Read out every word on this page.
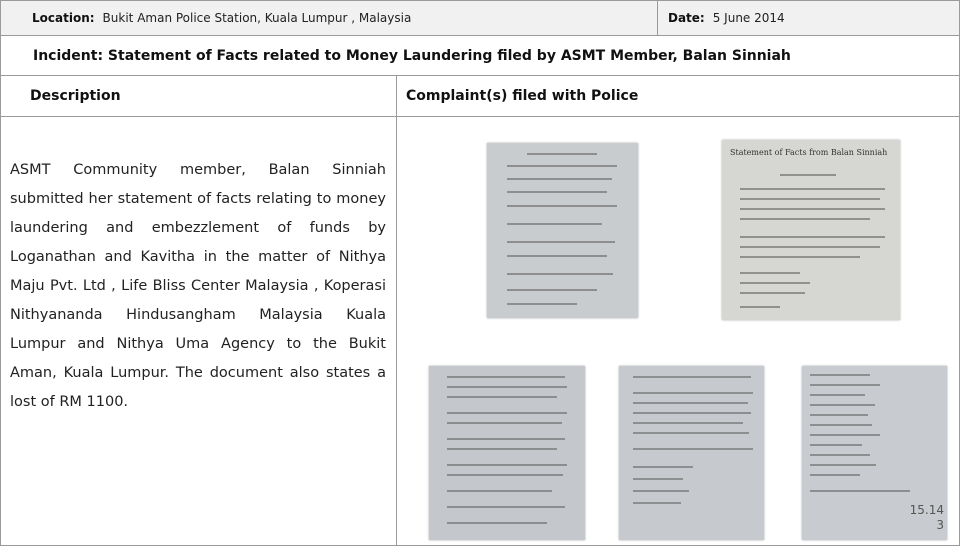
Location: Bukit Aman Police Station, Kuala Lumpur , Malaysia	Date: 5 June 2014
Incident: Statement of Facts related to Money Laundering filed by ASMT Member, Balan Sinniah
Description	Complaint(s) filed with Police
ASMT Community member, Balan Sinniah submitted her statement of facts relating to money laundering and embezzlement of funds by Loganathan and Kavitha in the matter of Nithya Maju Pvt. Ltd , Life Bliss Center Malaysia , Koperasi Nithyananda Hindusangham Malaysia Kuala Lumpur and Nithya Uma Agency to the Bukit Aman, Kuala Lumpur. The document also states a lost of RM 1100.
Statement of Facts from Balan Sinniah
15.14
3
